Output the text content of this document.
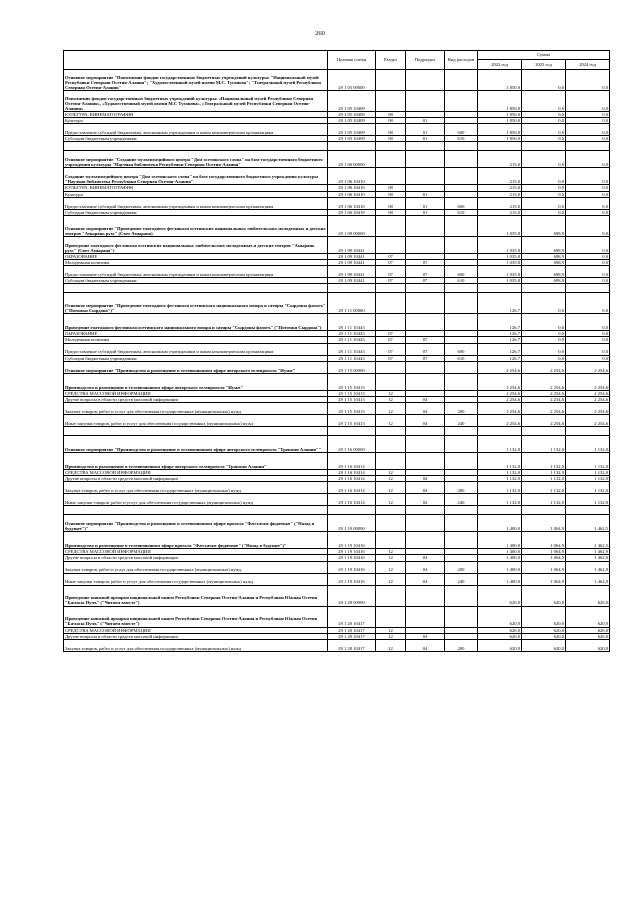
260
	Целевая статья	Раздел	Подраздел	Вид расходов	Сумма		
					2022 год	2023 год	2024 год
Основное мероприятие "Пополнение фондов государственных бюджетных учреждений культуры: "Национальный музей Республики Северная Осетия-Алания"; "Художественный музей имени М.С. Туганова"; "Театральный музей Республики Северная Осетия-Алания"	29 1 05 00000				1 850,0	0,0	0,0
Пополнение фондов государственных бюджетных учреждений культуры: «Национальный музей Республики Северная Осетия-Алания», «Художественный музей имени М.С Туганова», «Театральный музей Республики Северная Осетия-Алания»	29 1 05 10409				1 850,0	0,0	0,0
КУЛЬТУРА, КИНЕМАТОГРАФИЯ	29 1 05 10409	08			1 850,0	0,0	0,0
Культура	29 1 05 10409	08	01		1 850,0	0,0	0,0
Предоставление субсидий бюджетным, автономным учреждениям и иным некоммерческим организациям	29 1 05 10409	08	01	600	1 850,0	0,0	0,0
Субсидии бюджетным учреждениям	29 1 05 10409	08	01	610	1 850,0	0,0	0,0

Основное мероприятие "Создание мультимедийного центра "Дом осетинского слова" на базе государственного бюджетного учреждения культуры "Научная библиотека Республики Северная Осетия-Алания"	29 1 06 00000				215,0	0,0	0,0
Создание мультимедийного центра "Дом осетинского слова" на базе государственного бюджетного учреждения культуры "Научная библиотека Республики Северная Осетия-Алания"	29 1 06 10410				215,0	0,0	0,0
КУЛЬТУРА, КИНЕМАТОГРАФИЯ	29 1 06 10410	08			215,0	0,0	0,0
Культура	29 1 06 10410	08	01		215,0	0,0	0,0
Предоставление субсидий бюджетным, автономным учреждениям и иным некоммерческим организациям	29 1 06 10410	08	01	600	215,0	0,0	0,0
Субсидии бюджетным учреждениям	29 1 06 10410	08	01	610	215,0	0,0	0,0
Основное мероприятие "Проведение ежегодного фестиваля осетинских национальных любительских молодежных и детских театров "Амырань рухс" (Свет Амырана)	29 1 09 00000				1 035,8	698,9	0,0
Проведение ежегодного фестиваля осетинских национальных любительских молодежных и детских театров "Амырань рухс" (Свет Амырана")	29 1 09 10441				1 035,8	698,9	0,0
ОБРАЗОВАНИЕ	29 1 09 10441	07			1 035,8	698,9	0,0
Молодежная политика	29 1 09 10441	07	07		1 035,8	698,9	0,0
Предоставление субсидий бюджетным, автономным учреждениям и иным некоммерческим организациям	29 1 09 10441	07	07	600	1 035,8	698,9	0,0
Субсидии бюджетным учреждениям	29 1 09 10441	07	07	610	1 035,8	698,9	0,0

Основное мероприятие "Проведение ежегодного фестиваля осетинского национального юмора и сатиры "Сырдоны фазотъ" ("Потомки Сырдона")"	29 1 11 00000				126,7	0,0	0,0
Проведение ежегодного фестиваля осетинского национального юмора и сатиры "Сырдоны фазотъ" ("Потомки Сырдона")	29 1 11 10443				126,7	0,0	0,0
ОБРАЗОВАНИЕ	29 1 11 10443	07			126,7	0,0	0,0
Молодежная политика	29 1 11 10443	07	07		126,7	0,0	0,0
Предоставление субсидий бюджетным, автономным учреждениям и иным некоммерческим организациям	29 1 11 10443	07	07	600	126,7	0,0	0,0
Субсидии бюджетным учреждениям	29 1 11 10443	07	07	610	126,7	0,0	0,0
Основное мероприятие "Производство и размещение в телевизионном эфире авторского телепроекта "Иумæ"	29 1 15 00000				2 254,6	2 254,6	2 254,6
Производство и размещение в телевизионном эфире авторского телепроекта "Иумæ"	29 1 15 10413				2 254,6	2 254,6	2 254,6
СРЕДСТВА МАССОВОЙ ИНФОРМАЦИИ	29 1 15 10413	12			2 254,6	2 254,6	2 254,6
Другие вопросы в области средств массовой информации	29 1 15 10413	12	04		2 254,6	2 254,6	2 254,6
Закупка товаров, работ и услуг для обеспечения государственных (муниципальных) нужд	29 1 15 10413	12	04	200	2 254,6	2 254,6	2 254,6
Иные закупки товаров, работ и услуг для обеспечения государственных (муниципальных) нужд	29 1 15 10413	12	04	240	2 254,6	2 254,6	2 254,6

Основное мероприятие "Производство и размещение в телевизионном эфире авторского телепроекта "Тропами Алании""	29 1 16 00000				1 132,0	1 132,0	1 132,0
Производство и размещение в телевизионном эфире авторского телепроекта "Тропами Алании"	29 1 16 10414				1 132,0	1 132,0	1 132,0
СРЕДСТВА МАССОВОЙ ИНФОРМАЦИИ	29 1 16 10414	12			1 132,0	1 132,0	1 132,0
Другие вопросы в области средств массовой информации	29 1 16 10414	12	04		1 132,0	1 132,0	1 132,0
Закупка товаров, работ и услуг для обеспечения государственных (муниципальных) нужд	29 1 16 10414	12	04	200	1 132,0	1 132,0	1 132,0
Иные закупки товаров, работ и услуг для обеспечения государственных (муниципальных) нужд	29 1 16 10414	12	04	240	1 132,0	1 132,0	1 132,0

Основное мероприятие "Производство и размещение в телевизионном эфире проекта "Фæстæмæ фидæнмæ" ("Назад в будущее")"	29 1 19 00000				1 400,0	1 064,9	1 462,5
Производство и размещение в телевизионном эфире проекта "Фæстæмæ фидæнмæ" ("Назад в будущее")"	29 1 19 10416				1 400,0	1 064,9	1 462,5
СРЕДСТВА МАССОВОЙ ИНФОРМАЦИИ	29 1 19 10416	12			1 400,0	1 064,9	1 462,9
Другие вопросы в области средств массовой информации	29 1 19 10416	12	04		1 400,0	1 064,9	1 462,9
Закупка товаров, работ и услуг для обеспечения государственных (муниципальных) нужд	29 1 19 10416	12	04	200	1 400,0	1 064,9	1 462,9
Иные закупки товаров, работ и услуг для обеспечения государственных (муниципальных) нужд	29 1 19 10416	12	04	240	1 400,0	1 064,9	1 462,9
Проведение книжной ярмарки национальной книги Республики Северная Осетия-Алания и Республики Южная Осетия "Бæласы Пучъ" ("Читаем вместе")	29 1 20 00000				620,0	620,0	620,0
Проведение книжной ярмарки национальной книги Республики Северная Осетия-Алания и Республики Южная Осетия "Бæласы Пучъ" ("Читаем вместе")	29 1 20 10417				620,0	620,0	620,0
СРЕДСТВА МАССОВОЙ ИНФОРМАЦИИ	29 1 20 10417	12			620,0	620,0	620,0
Другие вопросы в области средств массовой информации	29 1 20 10417	12	04		620,0	620,0	620,0
Закупка товаров, работ и услуг для обеспечения государственных (муниципальных) нужд	29 1 20 10417	12	04	200	620,0	620,0	620,0
